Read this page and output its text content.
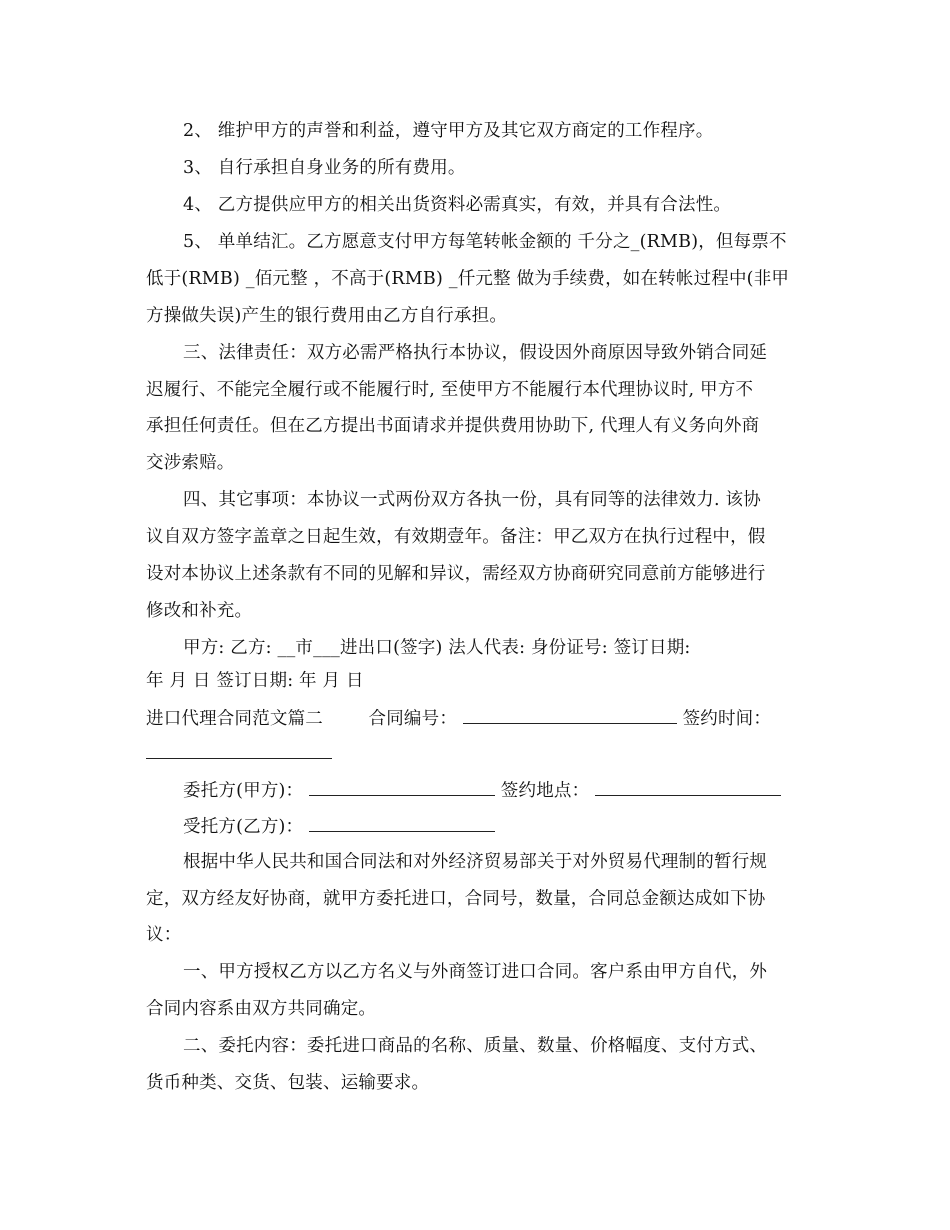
2、 维护甲方的声誉和利益，遵守甲方及其它双方商定的工作程序。
3、 自行承担自身业务的所有费用。
4、 乙方提供应甲方的相关出货资料必需真实，有效，并具有合法性。
5、 单单结汇。乙方愿意支付甲方每笔转帐金额的 千分之_(RMB)，但每票不
低于(RMB) _佰元整 ，不高于(RMB) _仟元整 做为手续费，如在转帐过程中(非甲
方操做失误)产生的银行费用由乙方自行承担。
三、法律责任：双方必需严格执行本协议，假设因外商原因导致外销合同延
迟履行、不能完全履行或不能履行时, 至使甲方不能履行本代理协议时, 甲方不
承担任何责任。但在乙方提出书面请求并提供费用协助下, 代理人有义务向外商
交涉索赔。
四、其它事项：本协议一式两份双方各执一份，具有同等的法律效力. 该协
议自双方签字盖章之日起生效，有效期壹年。备注：甲乙双方在执行过程中，假
设对本协议上述条款有不同的见解和异议，需经双方协商研究同意前方能够进行
修改和补充。
甲方: 乙方: __市___进出口(签字) 法人代表: 身份证号: 签订日期:
年 月 日 签订日期: 年 月 日
进口代理合同范文篇二	合同编号：	签约时间：
委托方(甲方)：	签约地点：
受托方(乙方)：
根据中华人民共和国合同法和对外经济贸易部关于对外贸易代理制的暂行规
定，双方经友好协商，就甲方委托进口，合同号，数量，合同总金额达成如下协
议：
一、甲方授权乙方以乙方名义与外商签订进口合同。客户系由甲方自代，外
合同内容系由双方共同确定。
二、委托内容：委托进口商品的名称、质量、数量、价格幅度、支付方式、
货币种类、交货、包装、运输要求。
